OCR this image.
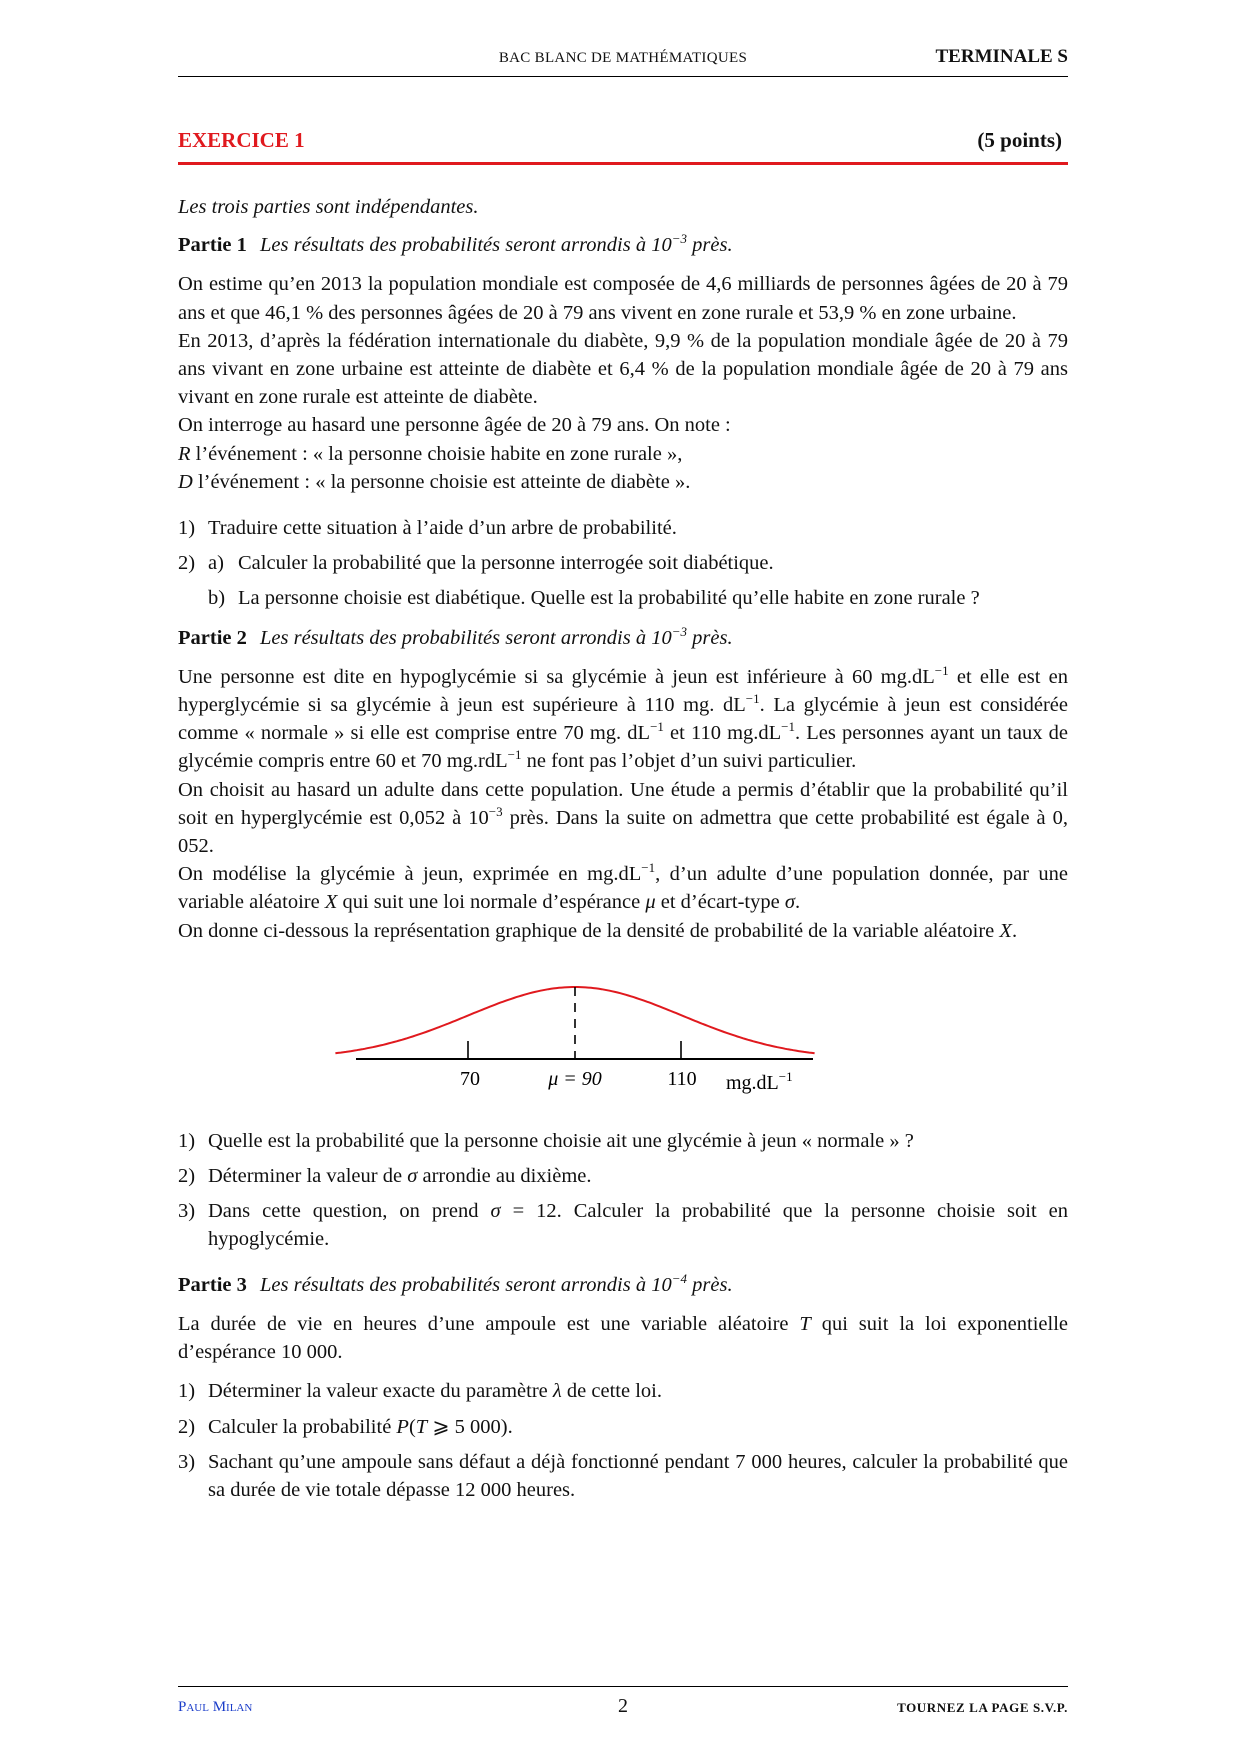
BAC BLANC DE MATHÉMATIQUES	TERMINALE S
EXERCICE 1	(5 points)

Les trois parties sont indépendantes.

Partie 1 Les résultats des probabilités seront arrondis à $10^{-3}$ près.

On estime qu’en 2013 la population mondiale est composée de 4,6 milliards de personnes âgées de 20 à 79 ans et que 46,1 % des personnes âgées de 20 à 79 ans vivent en zone rurale et 53,9 % en zone urbaine.

En 2013, d’après la fédération internationale du diabète, 9,9 % de la population mondiale âgée de 20 à 79 ans vivant en zone urbaine est atteinte de diabète et 6,4 % de la population mondiale âgée de 20 à 79 ans vivant en zone rurale est atteinte de diabète.

On interroge au hasard une personne âgée de 20 à 79 ans. On note :

R l’événement : « la personne choisie habite en zone rurale »,

D l’événement : « la personne choisie est atteinte de diabète ».

1) Traduire cette situation à l’aide d’un arbre de probabilité.
2) a) Calculer la probabilité que la personne interrogée soit diabétique.
b) La personne choisie est diabétique. Quelle est la probabilité qu’elle habite en zone rurale ?

Partie 2 Les résultats des probabilités seront arrondis à $10^{-3}$ près.

Une personne est dite en hypoglycémie si sa glycémie à jeun est inférieure à 60 $mg.dL^{-1}$ et elle est en hyperglycémie si sa glycémie à jeun est supérieure à 110 mg. $dL^{-1}$. La glycémie à jeun est considérée comme « normale » si elle est comprise entre 70 mg. $dL^{-1}$ et 110 $mg.dL^{-1}$. Les personnes ayant un taux de glycémie compris entre 60 et 70 mg.rdL$^{-1}$ ne font pas l’objet d’un suivi particulier.

On choisit au hasard un adulte dans cette population. Une étude a permis d’établir que la probabilité qu’il soit en hyperglycémie est 0,052 à $10^{-3}$ près. Dans la suite on admettra que cette probabilité est égale à 0, 052.

On modélise la glycémie à jeun, exprimée en $mg.dL^{-1}$, d’un adulte d’une population donnée, par une variable aléatoire X qui suit une loi normale d’espérance μ et d’écart-type σ.

On donne ci-dessous la représentation graphique de la densité de probabilité de la variable aléatoire X.

70	μ = 90	110 $mg.dL^{-1}$
1) Quelle est la probabilité que la personne choisie ait une glycémie à jeun « normale » ?
2) Déterminer la valeur de σ arrondie au dixième.
3) Dans cette question, on prend σ = 12. Calculer la probabilité que la personne choisie soit en hypoglycémie.

Partie 3 Les résultats des probabilités seront arrondis à $10^{-4}$ près.

La durée de vie en heures d’une ampoule est une variable aléatoire T qui suit la loi exponentielle d’espérance 10 000.

1) Déterminer la valeur exacte du paramètre λ de cette loi.
2) Calculer la probabilité P(T ⩾ 5 000).
3) Sachant qu’une ampoule sans défaut a déjà fonctionné pendant 7 000 heures, calculer la probabilité que sa durée de vie totale dépasse 12 000 heures.
Paul Milan	2	TOURNEZ LA PAGE S.V.P.
